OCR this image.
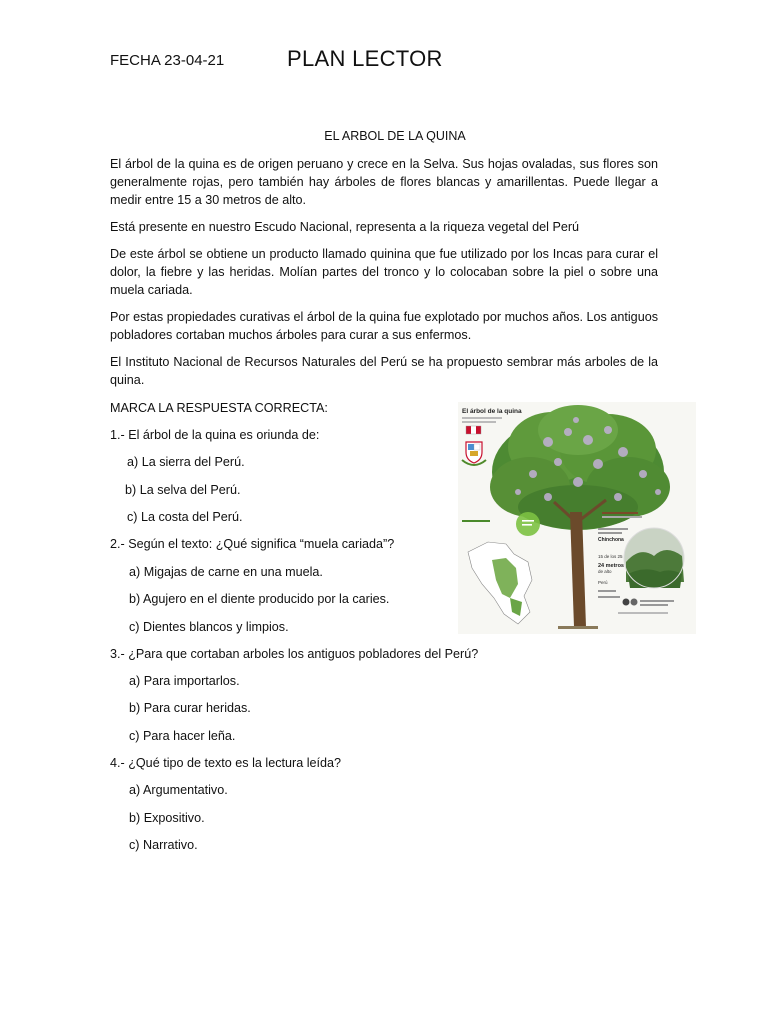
FECHA 23-04-21	PLAN LECTOR
EL ARBOL DE LA QUINA

El árbol de la quina es de origen peruano y crece en la Selva. Sus hojas ovaladas, sus flores son generalmente rojas, pero también hay árboles de flores blancas y amarillentas. Puede llegar a medir entre 15 a 30 metros de alto.

Está presente en nuestro Escudo Nacional, representa a la riqueza vegetal del Perú

De este árbol se obtiene un producto llamado quinina que fue utilizado por los Incas para curar el dolor, la fiebre y las heridas. Molían partes del tronco y lo colocaban sobre la piel o sobre una muela cariada.

Por estas propiedades curativas el árbol de la quina fue explotado por muchos años. Los antiguos pobladores cortaban muchos árboles para curar a sus enfermos.

El Instituto Nacional de Recursos Naturales del Perú se ha propuesto sembrar más arboles de la quina.

MARCA LA RESPUESTA CORRECTA:
1.- El árbol de la quina es oriunda de:
a) La sierra del Perú.
b) La selva del Perú.
c) La costa del Perú.
2.- Según el texto: ¿Qué significa “muela cariada”?
a) Migajas de carne en una muela.
b) Agujero en el diente producido por la caries.
c) Dientes blancos y limpios.
3.- ¿Para que cortaban arboles los antiguos pobladores del Perú?
a) Para importarlos.
b) Para curar heridas.
c) Para hacer leña.
4.- ¿Qué tipo de texto es la lectura leída?
a) Argumentativo.
b) Expositivo.
c) Narrativo.
El árbol de la quina
Chinchona
15 de los 25
24 metros
de alto
Perú
